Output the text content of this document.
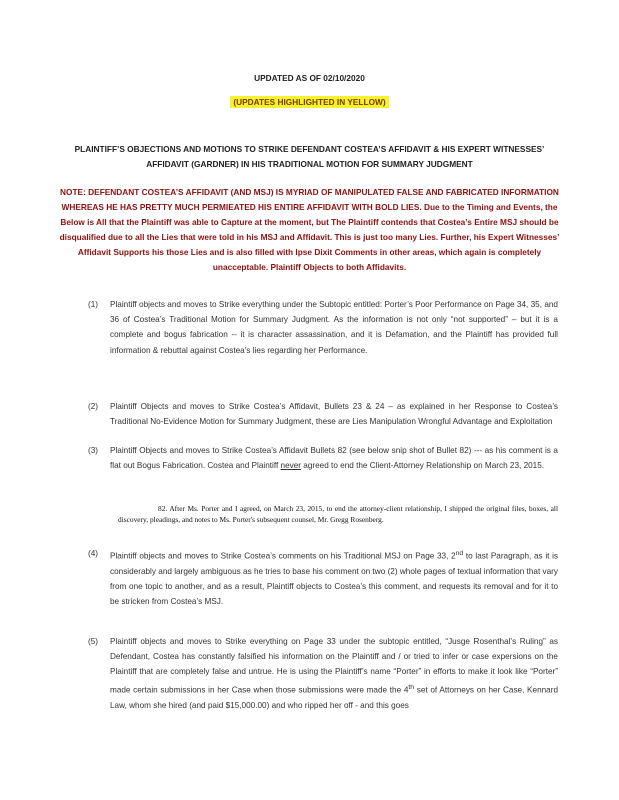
UPDATED AS OF 02/10/2020
(UPDATES HIGHLIGHTED IN YELLOW)
PLAINTIFF’S OBJECTIONS AND MOTIONS TO STRIKE DEFENDANT COSTEA’S AFFIDAVIT & HIS EXPERT WITNESSES’ AFFIDAVIT (GARDNER) IN HIS TRADITIONAL MOTION FOR SUMMARY JUDGMENT
NOTE: DEFENDANT COSTEA’S AFFIDAVIT (AND MSJ) IS MYRIAD OF MANIPULATED FALSE AND FABRICATED INFORMATION WHEREAS HE HAS PRETTY MUCH PERMIEATED HIS ENTIRE AFFIDAVIT WITH BOLD LIES. Due to the Timing and Events, the Below is All that the Plaintiff was able to Capture at the moment, but The Plaintiff contends that Costea’s Entire MSJ should be disqualified due to all the Lies that were told in his MSJ and Affidavit. This is just too many Lies. Further, his Expert Witnesses’ Affidavit Supports his those Lies and is also filled with Ipse Dixit Comments in other areas, which again is completely unacceptable. Plaintiff Objects to both Affidavits.
(1) Plaintiff objects and moves to Strike everything under the Subtopic entitled: Porter’s Poor Performance on Page 34, 35, and 36 of Costea’s Traditional Motion for Summary Judgment. As the information is not only “not supported” – but it is a complete and bogus fabrication -- it is character assassination, and it is Defamation, and the Plaintiff has provided full information & rebuttal against Costea’s lies regarding her Performance.
(2) Plaintiff Objects and moves to Strike Costea’s Affidavit, Bullets 23 & 24 – as explained in her Response to Costea’s Traditional No-Evidence Motion for Summary Judgment, these are Lies Manipulation Wrongful Advantage and Exploitation
(3) Plaintiff Objects and moves to Strike Costea’s Affidavit Bullets 82 (see below snip shot of Bullet 82) --- as his comment is a flat out Bogus Fabrication. Costea and Plaintiff never agreed to end the Client-Attorney Relationship on March 23, 2015.
82. After Ms. Porter and I agreed, on March 23, 2015, to end the attorney-client relationship, I shipped the original files, boxes, all discovery, pleadings, and notes to Ms. Porter's subsequent counsel, Mr. Gregg Rosenberg.
(4) Plaintiff objects and moves to Strike Costea’s comments on his Traditional MSJ on Page 33, 2nd to last Paragraph, as it is considerably and largely ambiguous as he tries to base his comment on two (2) whole pages of textual information that vary from one topic to another, and as a result, Plaintiff objects to Costea’s this comment, and requests its removal and for it to be stricken from Costea’s MSJ.
(5) Plaintiff objects and moves to Strike everything on Page 33 under the subtopic entitled, “Jusge Rosenthal’s Ruling” as Defendant, Costea has constantly falsified his information on the Plaintiff and / or tried to infer or case expersions on the Plaintiff that are completely false and untrue. He is using the Plaintiff’s name “Porter” in efforts to make it look like “Porter” made certain submissions in her Case when those submissions were made the 4th set of Attorneys on her Case, Kennard Law, whom she hired (and paid $15,000.00) and who ripped her off - and this goes
